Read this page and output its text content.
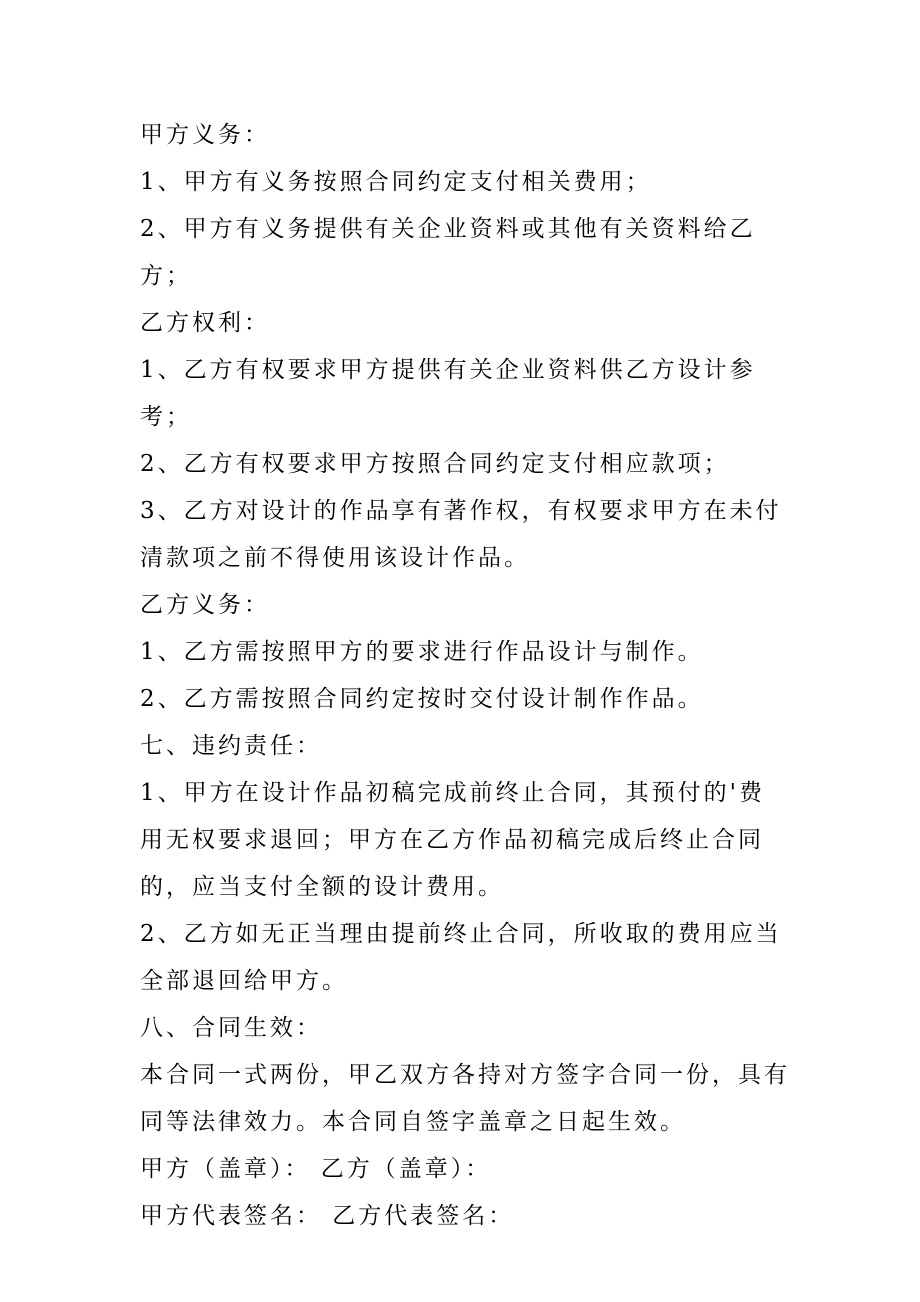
甲方义务：

1、甲方有义务按照合同约定支付相关费用；

2、甲方有义务提供有关企业资料或其他有关资料给乙方；

乙方权利：

1、乙方有权要求甲方提供有关企业资料供乙方设计参考；

2、乙方有权要求甲方按照合同约定支付相应款项；

3、乙方对设计的作品享有著作权，有权要求甲方在未付清款项之前不得使用该设计作品。

乙方义务：

1、乙方需按照甲方的要求进行作品设计与制作。

2、乙方需按照合同约定按时交付设计制作作品。

七、违约责任：

1、甲方在设计作品初稿完成前终止合同，其预付的'费用无权要求退回；甲方在乙方作品初稿完成后终止合同的，应当支付全额的设计费用。

2、乙方如无正当理由提前终止合同，所收取的费用应当全部退回给甲方。

八、合同生效：

本合同一式两份，甲乙双方各持对方签字合同一份，具有同等法律效力。本合同自签字盖章之日起生效。

甲方（盖章）： 乙方（盖章）：

甲方代表签名： 乙方代表签名：
